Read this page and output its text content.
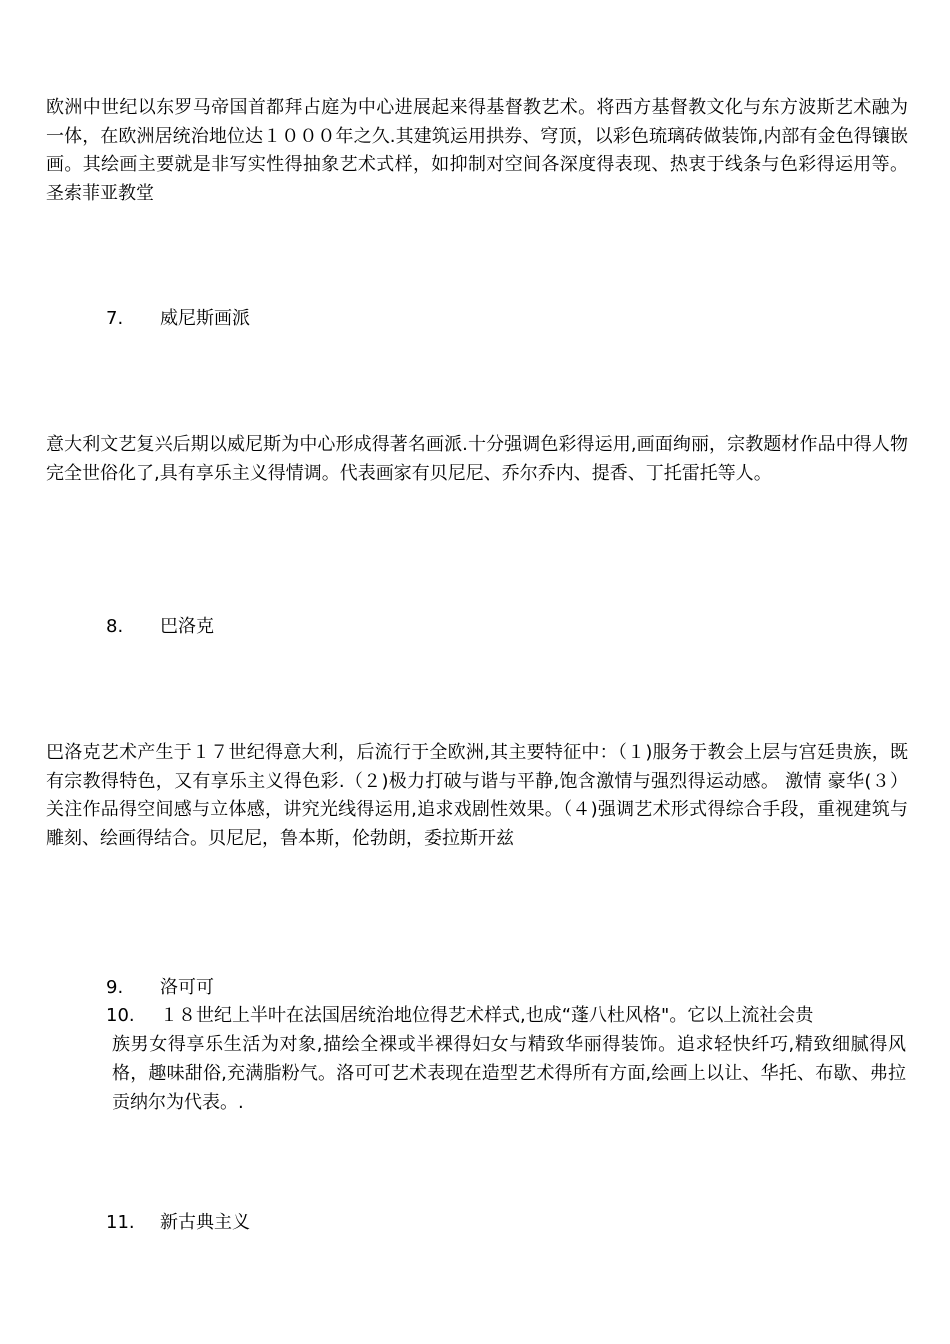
欧洲中世纪以东罗马帝国首都拜占庭为中心进展起来得基督教艺术。将西方基督教文化与东方波斯艺术融为一体，在欧洲居统治地位达１０００年之久.其建筑运用拱券、穹顶，以彩色琉璃砖做装饰,内部有金色得镶嵌画。其绘画主要就是非写实性得抽象艺术式样，如抑制对空间各深度得表现、热衷于线条与色彩得运用等。圣索菲亚教堂

7. 威尼斯画派

意大利文艺复兴后期以威尼斯为中心形成得著名画派.十分强调色彩得运用,画面绚丽，宗教题材作品中得人物完全世俗化了,具有享乐主义得情调。代表画家有贝尼尼、乔尔乔内、提香、丁托雷托等人。

8. 巴洛克

巴洛克艺术产生于１７世纪得意大利，后流行于全欧洲,其主要特征中：（１)服务于教会上层与宫廷贵族，既有宗教得特色，又有享乐主义得色彩.（２)极力打破与谐与平静,饱含激情与强烈得运动感。 激情 豪华(３） 关注作品得空间感与立体感，讲究光线得运用,追求戏剧性效果。（４)强调艺术形式得综合手段，重视建筑与雕刻、绘画得结合。贝尼尼，鲁本斯，伦勃朗，委拉斯开兹

9. 洛可可
10.	１８世纪上半叶在法国居统治地位得艺术样式,也成“蓬八杜风格"。它以上流社会贵
族男女得享乐生活为对象,描绘全裸或半裸得妇女与精致华丽得装饰。追求轻快纤巧,精致细腻得风格，趣味甜俗,充满脂粉气。洛可可艺术表现在造型艺术得所有方面,绘画上以让、华托、布歇、弗拉贡纳尔为代表。.
11. 新古典主义
